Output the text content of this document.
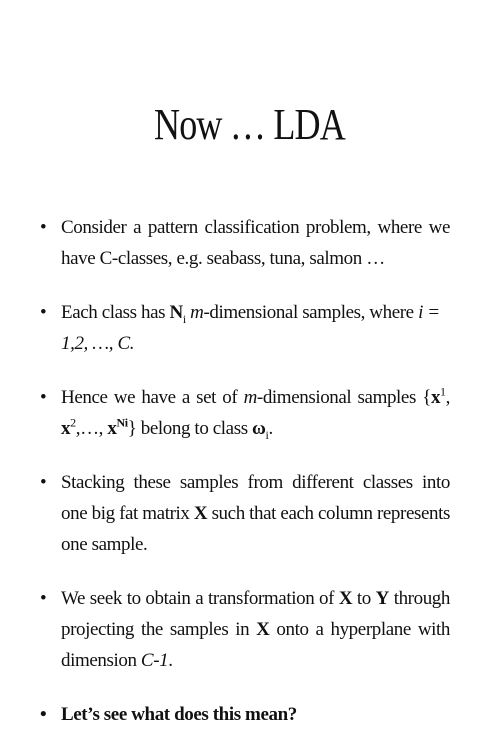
Now … LDA
• Consider a pattern classification problem, where we have C-classes, e.g. seabass, tuna, salmon …
• Each class has $N_i$ m-dimensional samples, where i = 1,2, …, C.
• Hence we have a set of m-dimensional samples {$x^1$, $x^2,\dots$, $x^{Ni}$} belong to class $\omega_i$.
• Stacking these samples from different classes into one big fat matrix X such that each column represents one sample.
• We seek to obtain a transformation of X to Y through projecting the samples in X onto a hyperplane with dimension C-1.
• Let’s see what does this mean?
